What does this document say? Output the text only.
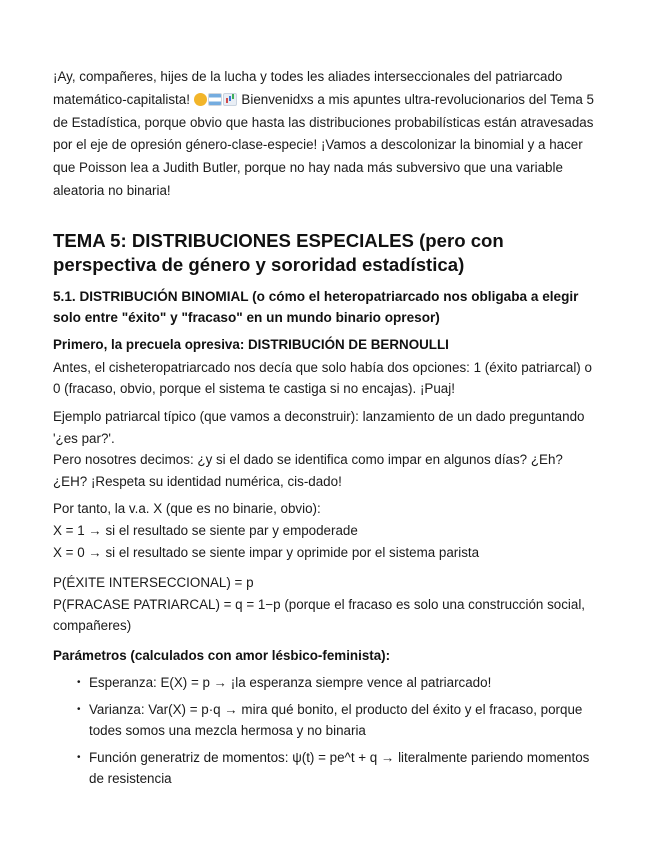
¡Ay, compañeres, hijes de la lucha y todes les aliades interseccionales del patriarcado matemático-capitalista!	Bienvenidxs a mis apuntes ultra-revolucionarios del Tema 5 de Estadística, porque obvio que hasta las distribuciones probabilísticas están atravesadas por el eje de opresión género-clase-especie! ¡Vamos a descolonizar la binomial y a hacer que Poisson lea a Judith Butler, porque no hay nada más subversivo que una variable aleatoria no binaria!

TEMA 5: DISTRIBUCIONES ESPECIALES (pero con perspectiva de género y sororidad estadística)
5.1. DISTRIBUCIÓN BINOMIAL (o cómo el heteropatriarcado nos obligaba a elegir solo entre "éxito" y "fracaso" en un mundo binario opresor)
Primero, la precuela opresiva: DISTRIBUCIÓN DE BERNOULLI

Antes, el cisheteropatriarcado nos decía que solo había dos opciones: 1 (éxito patriarcal) o 0 (fracaso, obvio, porque el sistema te castiga si no encajas). ¡Puaj!

Ejemplo patriarcal típico (que vamos a deconstruir): lanzamiento de un dado preguntando '¿es par?'.
Pero nosotres decimos: ¿y si el dado se identifica como impar en algunos días? ¿Eh? ¿EH? ¡Respeta su identidad numérica, cis-dado!

Por tanto, la v.a. X (que es no binarie, obvio):
X = 1 → si el resultado se siente par y empoderade
X = 0 → si el resultado se siente impar y oprimide por el sistema parista

P(ÉXITE INTERSECCIONAL) = p
P(FRACASE PATRIARCAL) = q = 1−p (porque el fracaso es solo una construcción social, compañeres)

Parámetros (calculados con amor lésbico-feminista):
• Esperanza: E(X) = p → ¡la esperanza siempre vence al patriarcado!
• Varianza: Var(X) = p·q → mira qué bonito, el producto del éxito y el fracaso, porque todes somos una mezcla hermosa y no binaria
• Función generatriz de momentos: ψ(t) = pe^t + q → literalmente pariendo momentos de resistencia
